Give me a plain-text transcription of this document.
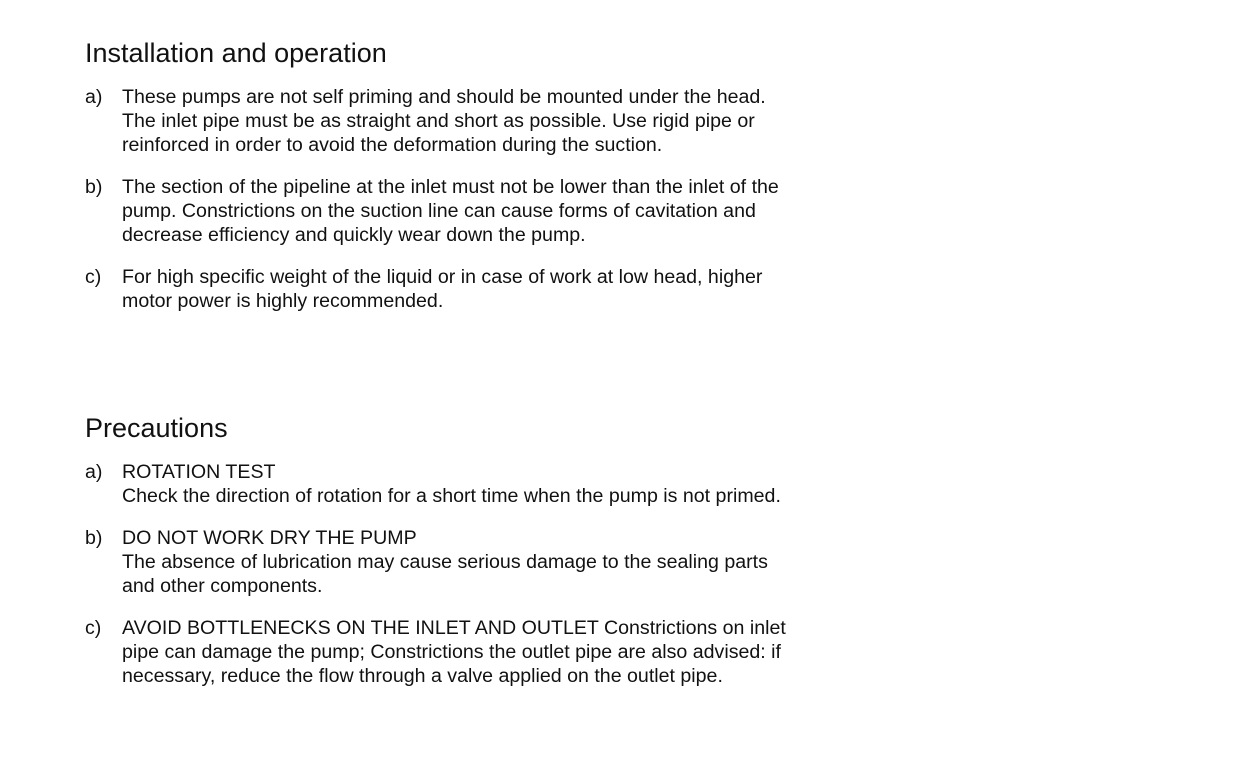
Installation and operation
a) These pumps are not self priming and should be mounted under the head.
The inlet pipe must be as straight and short as possible. Use rigid pipe or
reinforced in order to avoid the deformation during the suction.
b) The section of the pipeline at the inlet must not be lower than the inlet of the
pump. Constrictions on the suction line can cause forms of cavitation and
decrease efficiency and quickly wear down the pump.
c)	For high specific weight of the liquid or in case of work at low head, higher
motor power is highly recommended.
Precautions
a) ROTATION TEST
Check the direction of rotation for a short time when the pump is not primed.
b) DO NOT WORK DRY THE PUMP
The absence of lubrication may cause serious damage to the sealing parts
and other components.
c)	AVOID BOTTLENECKS ON THE INLET AND OUTLET Constrictions on inlet
pipe can damage the pump; Constrictions the outlet pipe are also advised: if
necessary, reduce the flow through a valve applied on the outlet pipe.
